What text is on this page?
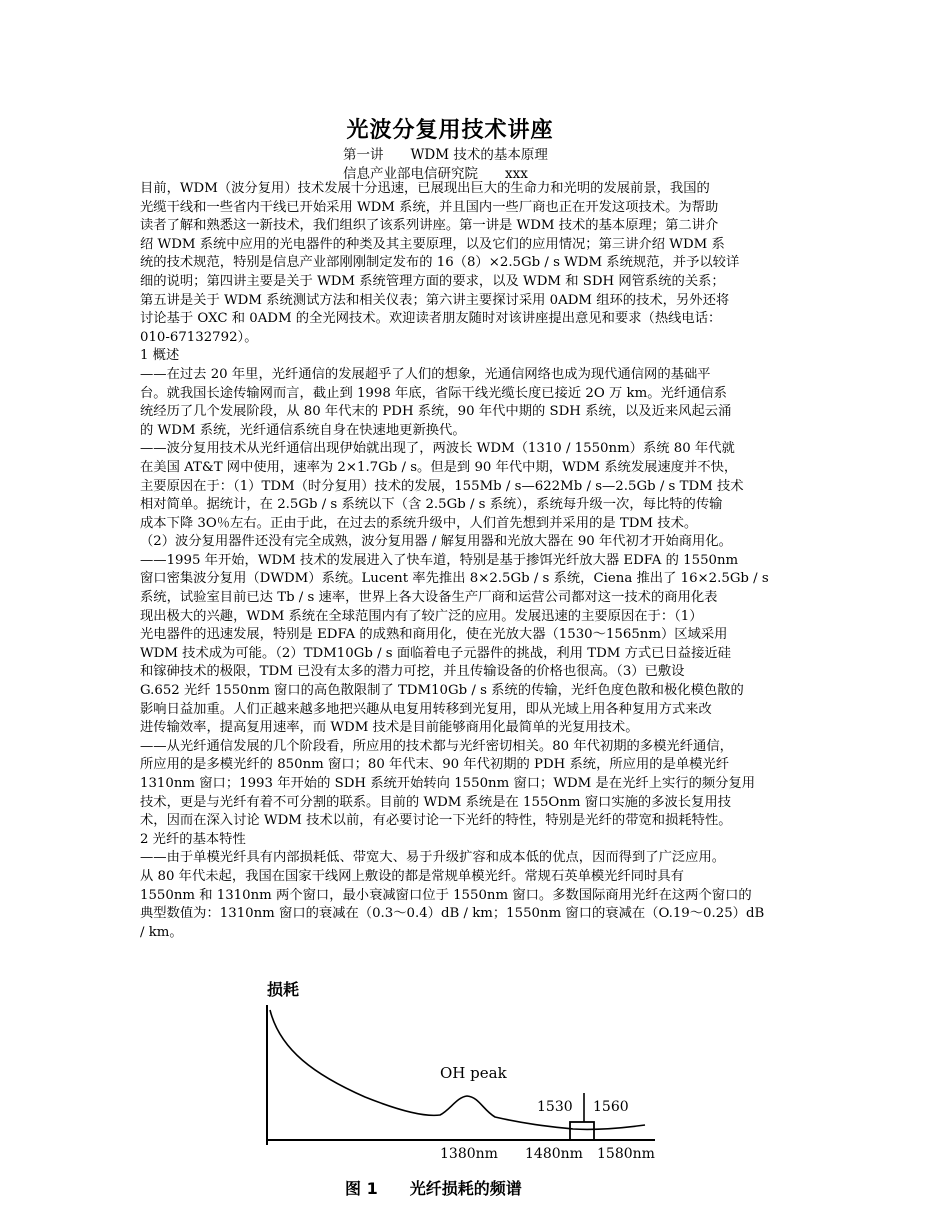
光波分复用技术讲座
第一讲　　WDM 技术的基本原理
信息产业部电信研究院　　xxx
目前，WDM（波分复用）技术发展十分迅速，已展现出巨大的生命力和光明的发展前景，我国的
光缆干线和一些省内干线已开始采用 WDM 系统，并且国内一些厂商也正在开发这项技术。为帮助
读者了解和熟悉这一新技术，我们组织了该系列讲座。第一讲是 WDM 技术的基本原理；第二讲介
绍 WDM 系统中应用的光电器件的种类及其主要原理，以及它们的应用情况；第三讲介绍 WDM 系
统的技术规范，特别是信息产业部刚刚制定发布的 16（8）×2.5Gb / s WDM 系统规范，并予以较详
细的说明；第四讲主要是关于 WDM 系统管理方面的要求，以及 WDM 和 SDH 网管系统的关系；
第五讲是关于 WDM 系统测试方法和相关仪表；第六讲主要探讨采用 0ADM 组环的技术，另外还将
讨论基于 OXC 和 0ADM 的全光网技术。欢迎读者朋友随时对该讲座提出意见和要求（热线电话：
010-67132792）。
1 概述
——在过去 20 年里，光纤通信的发展超乎了人们的想象，光通信网络也成为现代通信网的基础平
台。就我国长途传输网而言，截止到 1998 年底，省际干线光缆长度已接近 2O 万 km。光纤通信系
统经历了几个发展阶段，从 80 年代末的 PDH 系统，90 年代中期的 SDH 系统，以及近来风起云涌
的 WDM 系统，光纤通信系统自身在快速地更新换代。
——波分复用技术从光纤通信出现伊始就出现了，两波长 WDM（1310 / 1550nm）系统 80 年代就
在美国 AT&T 网中使用，速率为 2×1.7Gb / s。但是到 90 年代中期，WDM 系统发展速度并不快，
主要原因在于：（1）TDM（时分复用）技术的发展，155Mb / s—622Mb / s—2.5Gb / s TDM 技术
相对简单。据统计，在 2.5Gb / s 系统以下（含 2.5Gb / s 系统），系统每升级一次，每比特的传输
成本下降 3O％左右。正由于此，在过去的系统升级中，人们首先想到并采用的是 TDM 技术。
（2）波分复用器件还没有完全成熟，波分复用器 / 解复用器和光放大器在 90 年代初才开始商用化。
——1995 年开始，WDM 技术的发展进入了快车道，特别是基于掺饵光纤放大器 EDFA 的 1550nm
窗口密集波分复用（DWDM）系统。Lucent 率先推出 8×2.5Gb / s 系统，Ciena 推出了 16×2.5Gb / s
系统，试验室目前已达 Tb / s 速率，世界上各大设备生产厂商和运营公司都对这一技术的商用化表
现出极大的兴趣，WDM 系统在全球范围内有了较广泛的应用。发展迅速的主要原因在于：（1）
光电器件的迅速发展，特别是 EDFA 的成熟和商用化，使在光放大器（1530～1565nm）区域采用
WDM 技术成为可能。（2）TDM10Gb / s 面临着电子元器件的挑战，利用 TDM 方式已日益接近硅
和镓砷技术的极限，TDM 已没有太多的潜力可挖，并且传输设备的价格也很高。（3）已敷设
G.652 光纤 1550nm 窗口的高色散限制了 TDM10Gb / s 系统的传输，光纤色度色散和极化模色散的
影响日益加重。人们正越来越多地把兴趣从电复用转移到光复用，即从光域上用各种复用方式来改
进传输效率，提高复用速率，而 WDM 技术是目前能够商用化最简单的光复用技术。
——从光纤通信发展的几个阶段看，所应用的技术都与光纤密切相关。80 年代初期的多模光纤通信，
所应用的是多模光纤的 850nm 窗口；80 年代末、90 年代初期的 PDH 系统，所应用的是单模光纤
1310nm 窗口；1993 年开始的 SDH 系统开始转向 1550nm 窗口；WDM 是在光纤上实行的频分复用
技术，更是与光纤有着不可分割的联系。目前的 WDM 系统是在 155Onm 窗口实施的多波长复用技
术，因而在深入讨论 WDM 技术以前，有必要讨论一下光纤的特性，特别是光纤的带宽和损耗特性。
2 光纤的基本特性
——由于单模光纤具有内部损耗低、带宽大、易于升级扩容和成本低的优点，因而得到了广泛应用。
从 80 年代未起，我国在国家干线网上敷设的都是常规单模光纤。常规石英单模光纤同时具有
1550nm 和 1310nm 两个窗口，最小衰减窗口位于 1550nm 窗口。多数国际商用光纤在这两个窗口的
典型数值为：1310nm 窗口的衰减在（0.3～0.4）dB / km；1550nm 窗口的衰减在（O.19～0.25）dB
/ km。
损耗
OH peak
1530 1560
1380nm 1480nm 1580nm
图 1　　光纤损耗的频谱
